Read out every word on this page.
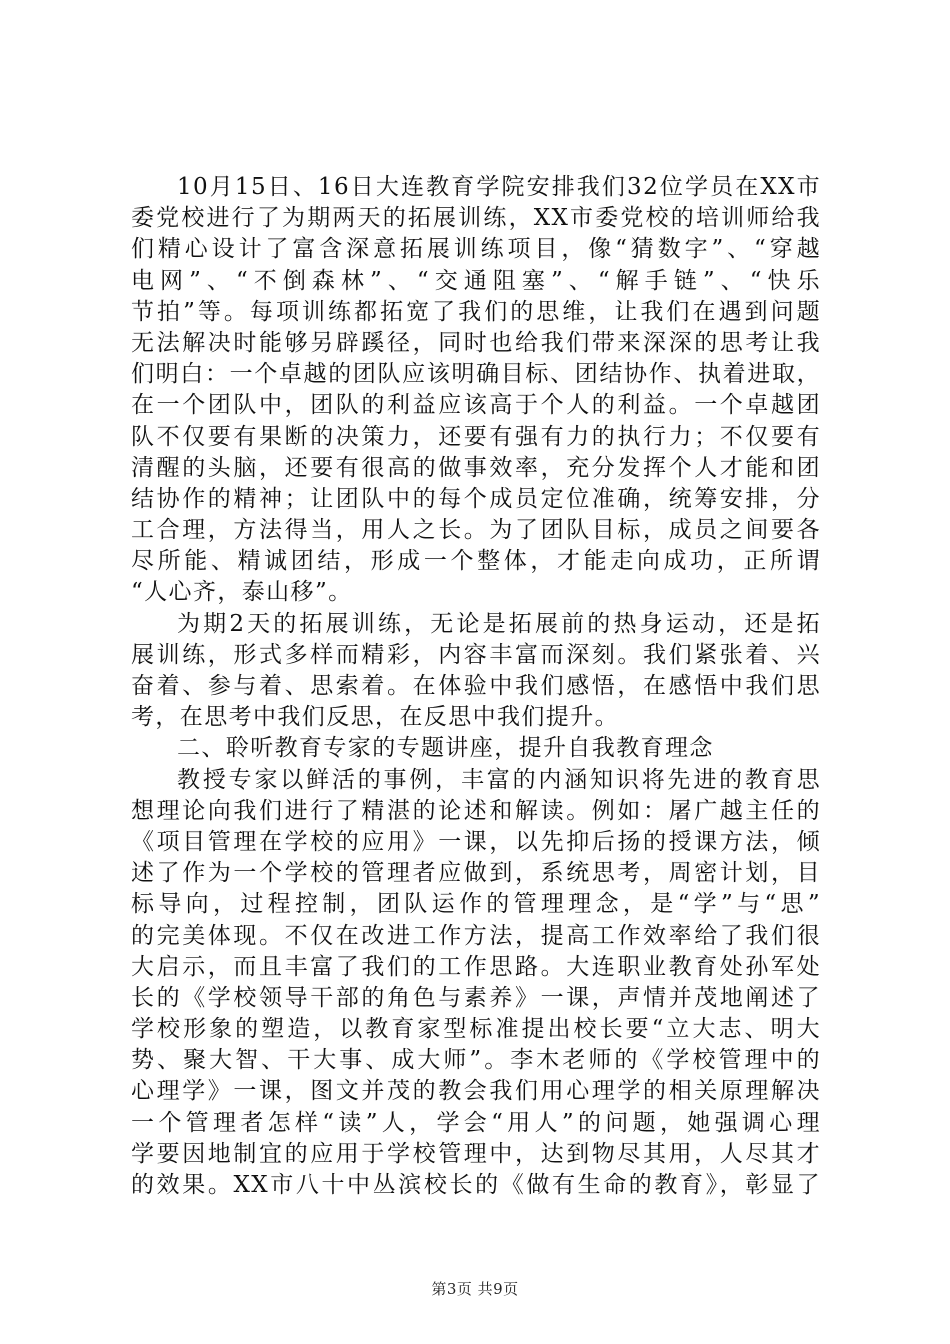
10月15日、16日大连教育学院安排我们32位学员在XX市
委党校进行了为期两天的拓展训练，XX市委党校的培训师给我
们精心设计了富含深意拓展训练项目，像“猜数字”、“穿越
电网”、“不倒森林”、“交通阻塞”、“解手链”、“快乐
节拍”等。每项训练都拓宽了我们的思维，让我们在遇到问题
无法解决时能够另辟蹊径，同时也给我们带来深深的思考让我
们明白：一个卓越的团队应该明确目标、团结协作、执着进取，
在一个团队中，团队的利益应该高于个人的利益。一个卓越团
队不仅要有果断的决策力，还要有强有力的执行力；不仅要有
清醒的头脑，还要有很高的做事效率，充分发挥个人才能和团
结协作的精神；让团队中的每个成员定位准确，统筹安排，分
工合理，方法得当，用人之长。为了团队目标，成员之间要各
尽所能、精诚团结，形成一个整体，才能走向成功，正所谓
“人心齐，泰山移”。
为期2天的拓展训练，无论是拓展前的热身运动，还是拓
展训练，形式多样而精彩，内容丰富而深刻。我们紧张着、兴
奋着、参与着、思索着。在体验中我们感悟，在感悟中我们思
考，在思考中我们反思，在反思中我们提升。
二、聆听教育专家的专题讲座，提升自我教育理念
教授专家以鲜活的事例，丰富的内涵知识将先进的教育思
想理论向我们进行了精湛的论述和解读。例如：屠广越主任的
《项目管理在学校的应用》一课，以先抑后扬的授课方法，倾
述了作为一个学校的管理者应做到，系统思考，周密计划，目
标导向，过程控制，团队运作的管理理念，是“学”与“思”
的完美体现。不仅在改进工作方法，提高工作效率给了我们很
大启示，而且丰富了我们的工作思路。大连职业教育处孙军处
长的《学校领导干部的角色与素养》一课，声情并茂地阐述了
学校形象的塑造，以教育家型标准提出校长要“立大志、明大
势、聚大智、干大事、成大师”。李木老师的《学校管理中的
心理学》一课，图文并茂的教会我们用心理学的相关原理解决
一个管理者怎样“读”人，学会“用人”的问题，她强调心理
学要因地制宜的应用于学校管理中，达到物尽其用，人尽其才
的效果。XX市八十中丛滨校长的《做有生命的教育》，彰显了
第3页 共9页
